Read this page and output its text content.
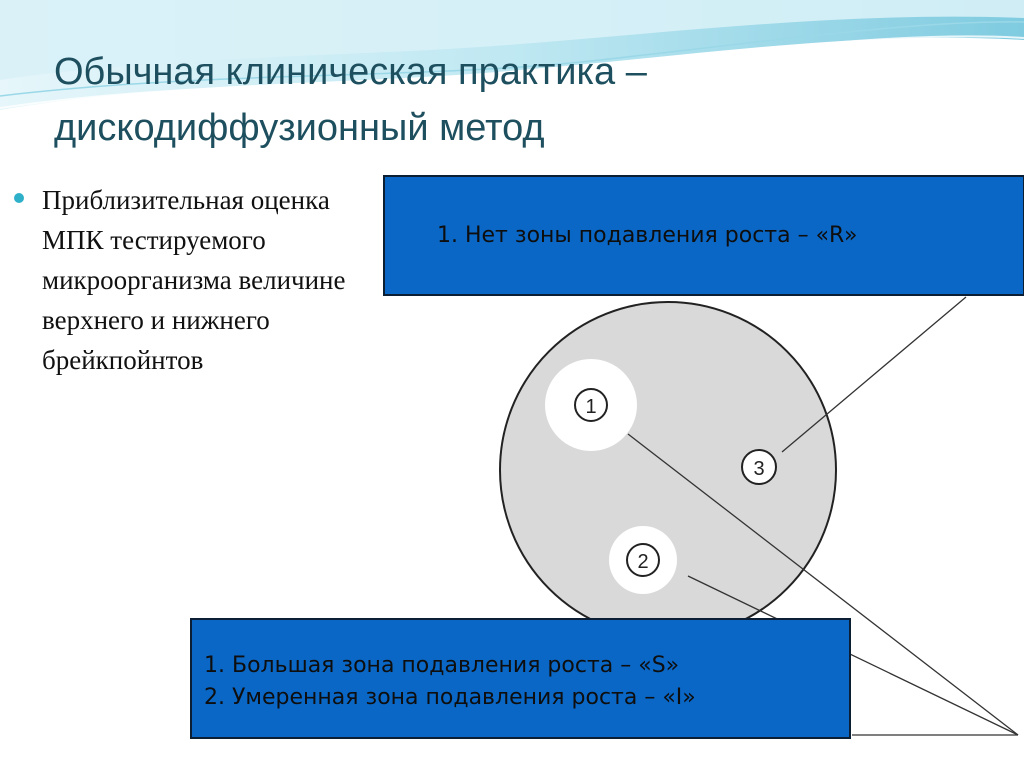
Обычная клиническая практика – дискодиффузионный метод
Приблизительная оценка МПК тестируемого микроорганизма величине верхнего и нижнего брейкпойнтов
1
2
3
1. Нет зоны подавления роста – «R»
1. Большая зона подавления роста – «S»
2. Умеренная зона подавления роста – «I»
